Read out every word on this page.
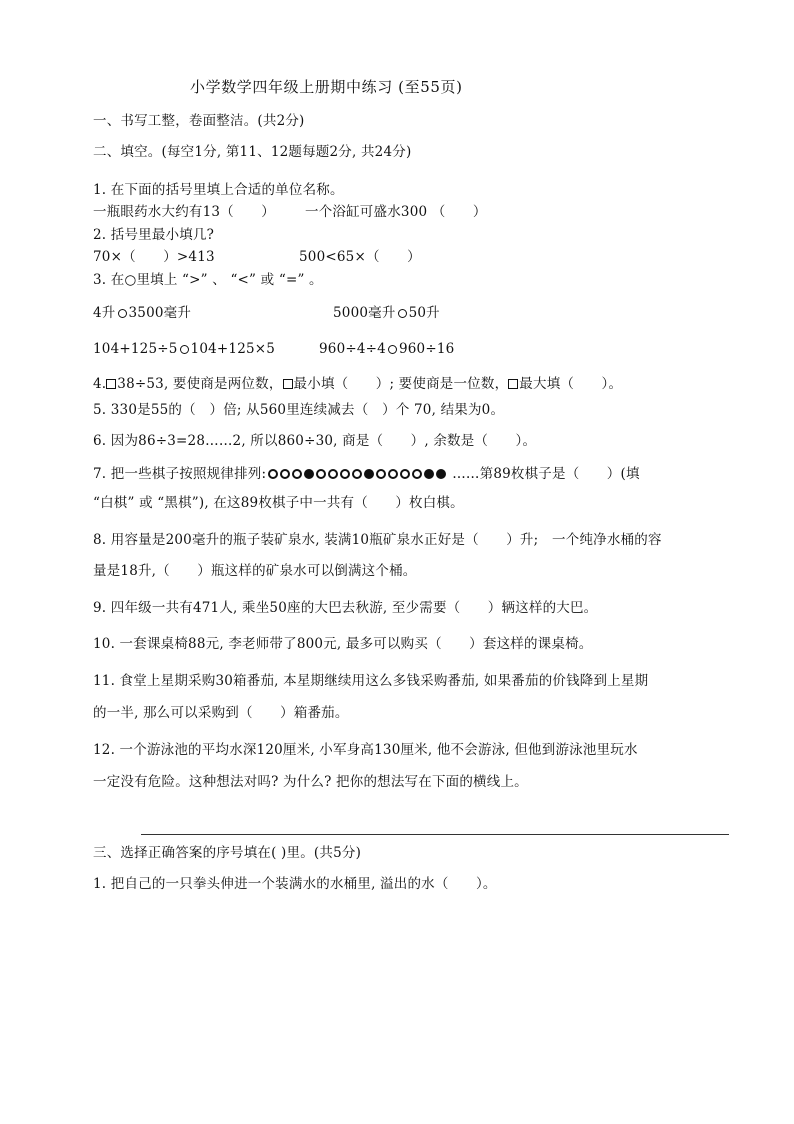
小学数学四年级上册期中练习 (至55页)
一、书写工整，卷面整洁。(共2分)
二、填空。(每空1分, 第11、12题每题2分, 共24分)
1. 在下面的括号里填上合适的单位名称。
一瓶眼药水大约有13（　　） 一个浴缸可盛水300 （　　）
2. 括号里最小填几?
70×（　　）>413	500<65×（　　）
3. 在○里填上 “>” 、 “<” 或 “=” 。
4升 3500毫升	5000毫升 50升
104+125÷5 104+125×5	960÷4÷4 960÷16
4. 38÷53, 要使商是两位数， 最小填（　　）; 要使商是一位数， 最大填（　　）。
5. 330是55的（　）倍; 从560里连续减去（　）个 70, 结果为0。
6. 因为86÷3=28……2, 所以860÷30, 商是（　　）, 余数是（　　）。
7. 把一些棋子按照规律排列:	……第89枚棋子是（　　）(填
“白棋” 或 “黑棋”), 在这89枚棋子中一共有（　　）枚白棋。
8. 用容量是200毫升的瓶子装矿泉水, 装满10瓶矿泉水正好是（　　）升;　一个纯净水桶的容
量是18升,（　　）瓶这样的矿泉水可以倒满这个桶。
9. 四年级一共有471人, 乘坐50座的大巴去秋游, 至少需要（　　）辆这样的大巴。
10. 一套课桌椅88元, 李老师带了800元, 最多可以购买（　　）套这样的课桌椅。
11. 食堂上星期采购30箱番茄, 本星期继续用这么多钱采购番茄, 如果番茄的价钱降到上星期
的一半, 那么可以采购到（　　）箱番茄。
12. 一个游泳池的平均水深120厘米, 小军身高130厘米, 他不会游泳, 但他到游泳池里玩水
一定没有危险。这种想法对吗? 为什么? 把你的想法写在下面的横线上。
三、选择正确答案的序号填在( )里。(共5分)
1. 把自己的一只拳头伸进一个装满水的水桶里, 溢出的水（　　）。
